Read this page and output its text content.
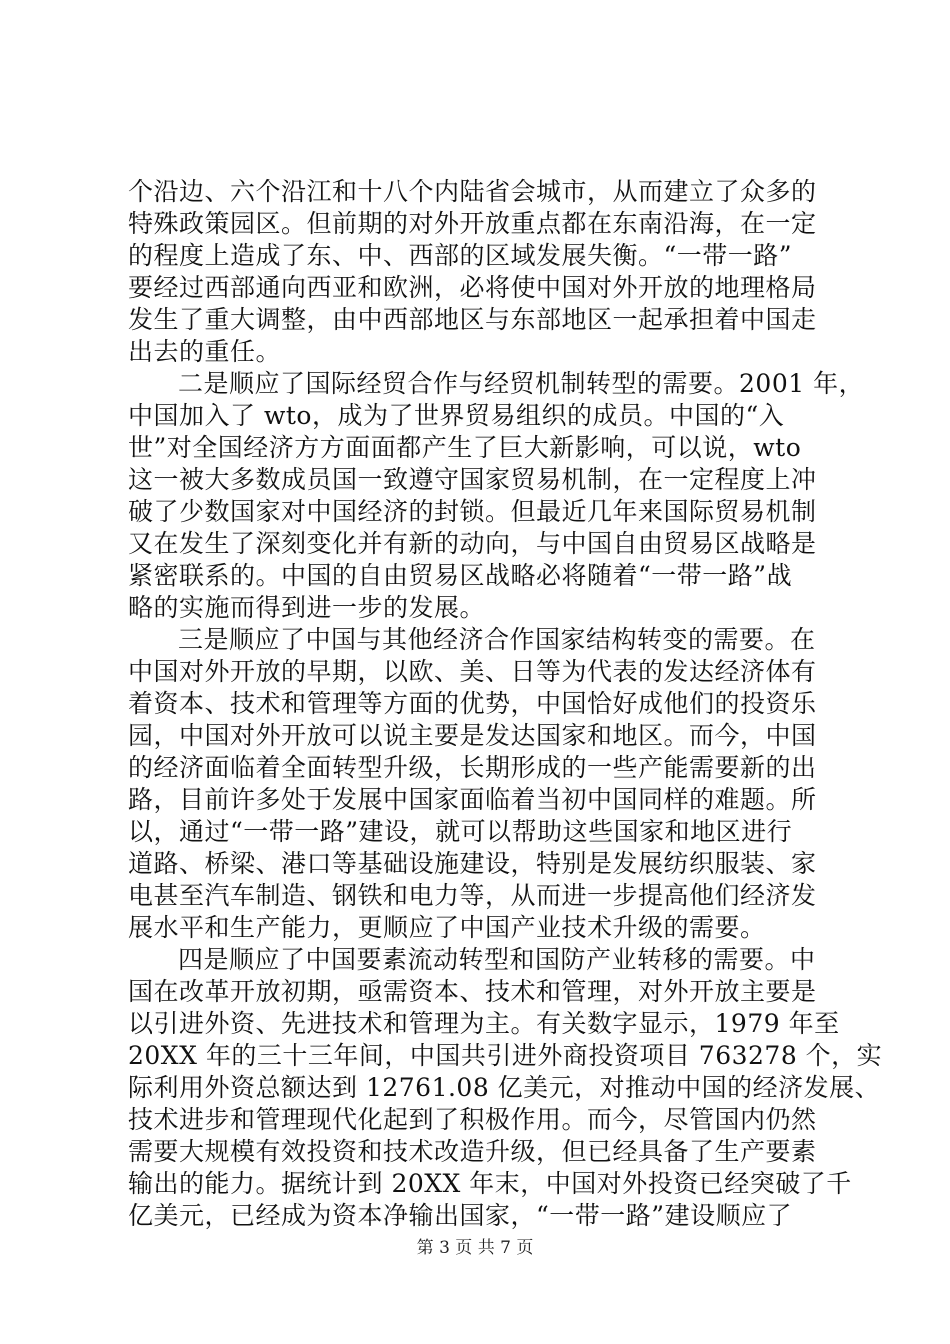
个沿边、六个沿江和十八个内陆省会城市，从而建立了众多的
特殊政策园区。但前期的对外开放重点都在东南沿海，在一定
的程度上造成了东、中、西部的区域发展失衡。“一带一路”
要经过西部通向西亚和欧洲，必将使中国对外开放的地理格局
发生了重大调整，由中西部地区与东部地区一起承担着中国走
出去的重任。
二是顺应了国际经贸合作与经贸机制转型的需要。2001 年，
中国加入了 wto，成为了世界贸易组织的成员。中国的“入
世”对全国经济方方面面都产生了巨大新影响，可以说，wto
这一被大多数成员国一致遵守国家贸易机制，在一定程度上冲
破了少数国家对中国经济的封锁。但最近几年来国际贸易机制
又在发生了深刻变化并有新的动向，与中国自由贸易区战略是
紧密联系的。中国的自由贸易区战略必将随着“一带一路”战
略的实施而得到进一步的发展。
三是顺应了中国与其他经济合作国家结构转变的需要。在
中国对外开放的早期，以欧、美、日等为代表的发达经济体有
着资本、技术和管理等方面的优势，中国恰好成他们的投资乐
园，中国对外开放可以说主要是发达国家和地区。而今，中国
的经济面临着全面转型升级，长期形成的一些产能需要新的出
路，目前许多处于发展中国家面临着当初中国同样的难题。所
以，通过“一带一路”建设，就可以帮助这些国家和地区进行
道路、桥梁、港口等基础设施建设，特别是发展纺织服装、家
电甚至汽车制造、钢铁和电力等，从而进一步提高他们经济发
展水平和生产能力，更顺应了中国产业技术升级的需要。
四是顺应了中国要素流动转型和国防产业转移的需要。中
国在改革开放初期，亟需资本、技术和管理，对外开放主要是
以引进外资、先进技术和管理为主。有关数字显示，1979 年至
20XX 年的三十三年间，中国共引进外商投资项目 763278 个，实
际利用外资总额达到 12761.08 亿美元，对推动中国的经济发展、
技术进步和管理现代化起到了积极作用。而今，尽管国内仍然
需要大规模有效投资和技术改造升级，但已经具备了生产要素
输出的能力。据统计到 20XX 年末，中国对外投资已经突破了千
亿美元，已经成为资本净输出国家，“一带一路”建设顺应了
第 3 页 共 7 页
